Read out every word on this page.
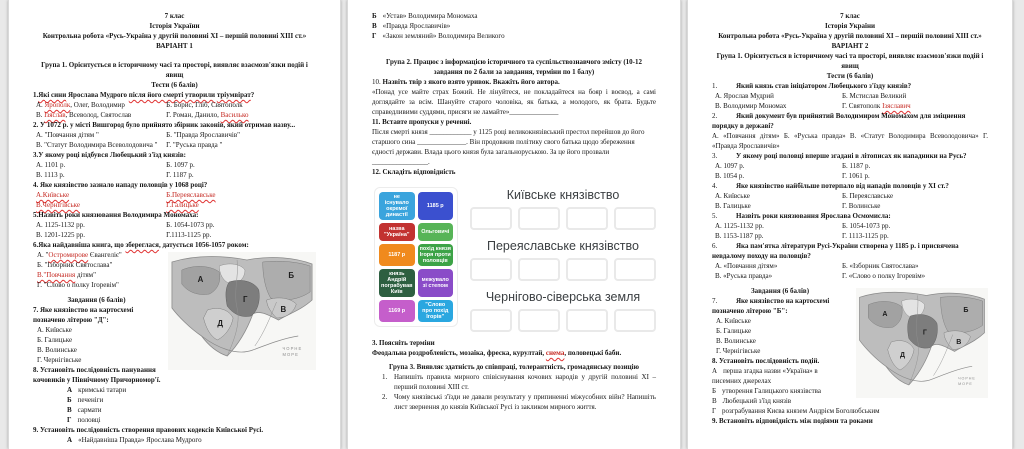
7 клас
Історія України
Контрольна робота «Русь-Україна у другій половині XI – першій половині XIII ст.»
ВАРІАНТ 1
Група 1. Орієнтується в історичному часі та просторі, виявляє взаємозв'язки подій і явищ
Тести (6 балів)
1.Які сини Ярослава Мудрого після його смерті утворили тріумвірат?
А. Ярополк, Олег, Володимир	Б. Борис, Гліб, Святополк
В. Ізяслав, Всеволод, Святослав	Г. Роман, Данило, Василько
2. У 1072 р. у місті Вишгород було прийнято збірник законів, який отримав назву...
А. "Повчання дітям "	Б. "Правда Ярославичів"
В. "Статут Володимира Всеволодовича "	Г. "Руська правда "
3.У якому році відбувся Любецький з'їзд князів:
А. 1101 р.	Б. 1097 р.
В. 1113 р.	Г. 1187 р.
4. Яке князівство зазнало нападу половців у 1068 році?
А.Київське	Б.Переяславське
В.Чернігівське	Г.Галицьке
5.Назвіть роки князювання Володимира Мономаха:
А. 1125-1132 рр.	Б. 1054-1073 рр.
В. 1201-1225 рр.	Г.1113-1125 рр.
6.Яка найдавніша книга, що збереглася, датується 1056-1057 роком:
А	Б
В
Г
Д
ЧОРНЕ
МОРЕ
А. "Остромирове Євангеліє"
Б. "Ізборник Святослава"
В."Повчання дітям"
Г. "Слово о полку Ігоревім"
Завдання (6 балів)
7. Яке князівство на картосхемі позначено літерою "Д":
А. Київське
Б. Галицьке
В. Волинське
Г. Чернігівське
8. Установіть послідовність панування кочовиків у Північному Причорномор'ї.
А кримські татари
Б печеніги
В сармати
Г половці
9. Установіть послідовність створення правових кодексів Київської Русі.
А «Найдавніша Правда» Ярослава Мудрого
Б «Устав» Володимира Мономаха
В «Правда Ярославичів»
Г «Закон земляний» Володимира Великого
Група 2. Працює з інформацією історичного та суспільствознавчого змісту (10-12 завдання по 2 бали за завдання, терміни по 1 балу)
10. Назвіть твір з якого взято уривок. Вкажіть його автора.
«Понад усе майте страх Божий. Не лінуйтеся, не покладайтеся на бояр і воєвод, а самі доглядайте за всім. Шануйте старого чоловіка, як батька, а молодого, як брата. Будьте справедливими суддями, присяги не ламайте»______________
11. Вставте пропуски у реченні.
Після смерті князя ____________ у 1125 році великокнязівський престол перейшов до його старшого сина ______________. Він продовжив політику свого батька щодо збереження єдності держави. Влада цього князя була загальноруською. За це його прозвали ________________.
12. Складіть відповідність
не існувало окремої династії
1185 р
назва "Україна"	Ольговичі
1187 р
похід князя Ігоря проти половців
князь Андрій пограбував Київ
межувало зі степом
1169 р
"Слово про похід Ігорів"
Київське князівство
Переяславське князівство
Чернігово-сіверська земля
3. Поясніть терміни
Феодальна роздробленість, мозаїка, фреска, курултай, снема, половецькі баби.
Група 3. Виявляє здатність до співпраці, толерантність, громадянську позицію
1. Напишіть правила мирного співіснування кочових народів у другій половині XI – перший половині XIII ст.
2. Чому князівські з'їзди не давали результату у припиненні міжусобних війн? Напишіть лист звернення до князів Київської Русі із закликом мирного життя.
7 клас
Історія України
Контрольна робота «Русь-Україна у другій половині XI – першій половині XIII ст.»
ВАРІАНТ 2
Група 1. Орієнтується в історичному часі та просторі, виявляє взаємозв'язки подій і явищ
Тести (6 балів)
1.	Який князь став ініціатором Любецького з'їзду князів?
А. Ярослав Мудрий	Б. Мстислав Великий
В. Володимир Мономах	Г. Святополк Ізяславич
2.	Який документ був прийнятий Володимиром Мономахом для зміцнення порядку в державі?
А. «Повчання дітям» Б. «Руська правда» В. «Статут Володимира Всеволодовича» Г. «Правда Ярославичів»
3.	У якому році половці вперше згадані в літописах як нападники на Русь?
А. 1097 р.	Б. 1187 р.
В. 1054 р.	Г. 1061 р.
4.	Яке князівство найбільше потерпало від нападів половців у XI ст.?
А. Київське	Б. Переяславське
В. Галицьке	Г. Волинське
5.	Назвіть роки князювання Ярослава Осмомисла:
А. 1125-1132 рр.	Б. 1054-1073 рр.
В. 1153-1187 рр.	Г. 1113-1125 рр.
6.	Яка пам'ятка літератури Русі-України створена у 1185 р. і присвячена невдалому походу на половців?
А. «Повчання дітям»	Б. «Ізборник Святослава»
В. «Руська правда»	Г. «Слово о полку Ігоревім»
А	Б
В
Г
Д
ЧОРНЕ
МОРЕ
Завдання (6 балів)
7.	Яке князівство на картосхемі позначено літерою "Б":
А. Київське
Б. Галицьке
В. Волинське
Г. Чернігівське
8. Установіть послідовність подій.
А перша згадка назви «Україна» в писемних джерелах
Б утворення Галицького князівства
В Любецький з'їзд князів
Г розграбування Києва князем Андрієм Боголюбським
9. Встановіть відповідність між подіями та роками
